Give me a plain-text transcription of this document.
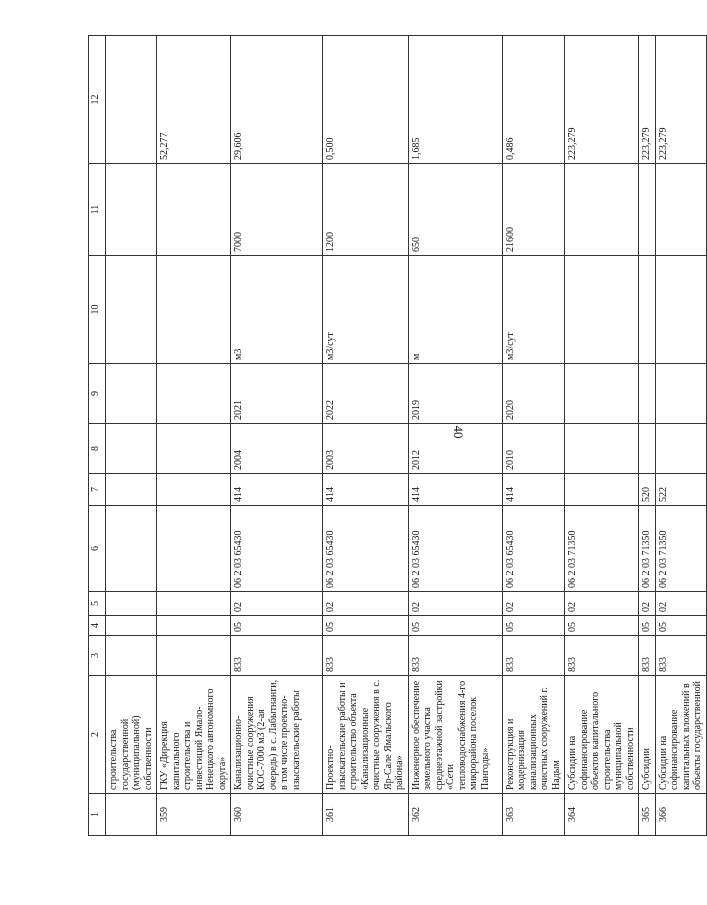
40
1	2	3	4	5	6	7	8	9	10	11	12
	строительства государственной (муниципальной) собственности										
359	ГКУ «Дирекция капитального строительства и инвестиций Ямало-Ненецкого автономного округа»										52,277
360	Канализационно-очистные сооружения КОС-7000 м3 (2-ая очередь) в с. Лабытнанги, в том числе проектно-изыскательские работы	833	05	02	06 2 03 65430	414	2004	2021	м3	7000	29,606
361	Проектно-изыскательские работы и строительство объекта «Канализационные очистные сооружения в с. Яр-Сале Ямальского района»	833	05	02	06 2 03 65430	414	2003	2022	м3/сут	1200	0,500
362	Инженерное обеспечение земельного участка среднеэтажной застройки «Сети тепловодоснабжения 4-го микрорайона поселок Пангоды»	833	05	02	06 2 03 65430	414	2012	2019	м	650	1,685
363	Реконструкция и модернизация канализационных очистных сооружений г. Надым	833	05	02	06 2 03 65430	414	2010	2020	м3/сут	21600	0,486
364	Субсидии на софинансирование объектов капитального строительства муниципальной собственности	833	05	02	06 2 03 71350						223,279
365	Субсидии	833	05	02	06 2 03 71350	520					223,279
366	Субсидии на софинансирование капитальных вложений в объекты государственной	833	05	02	06 2 03 71350	522					223,279
